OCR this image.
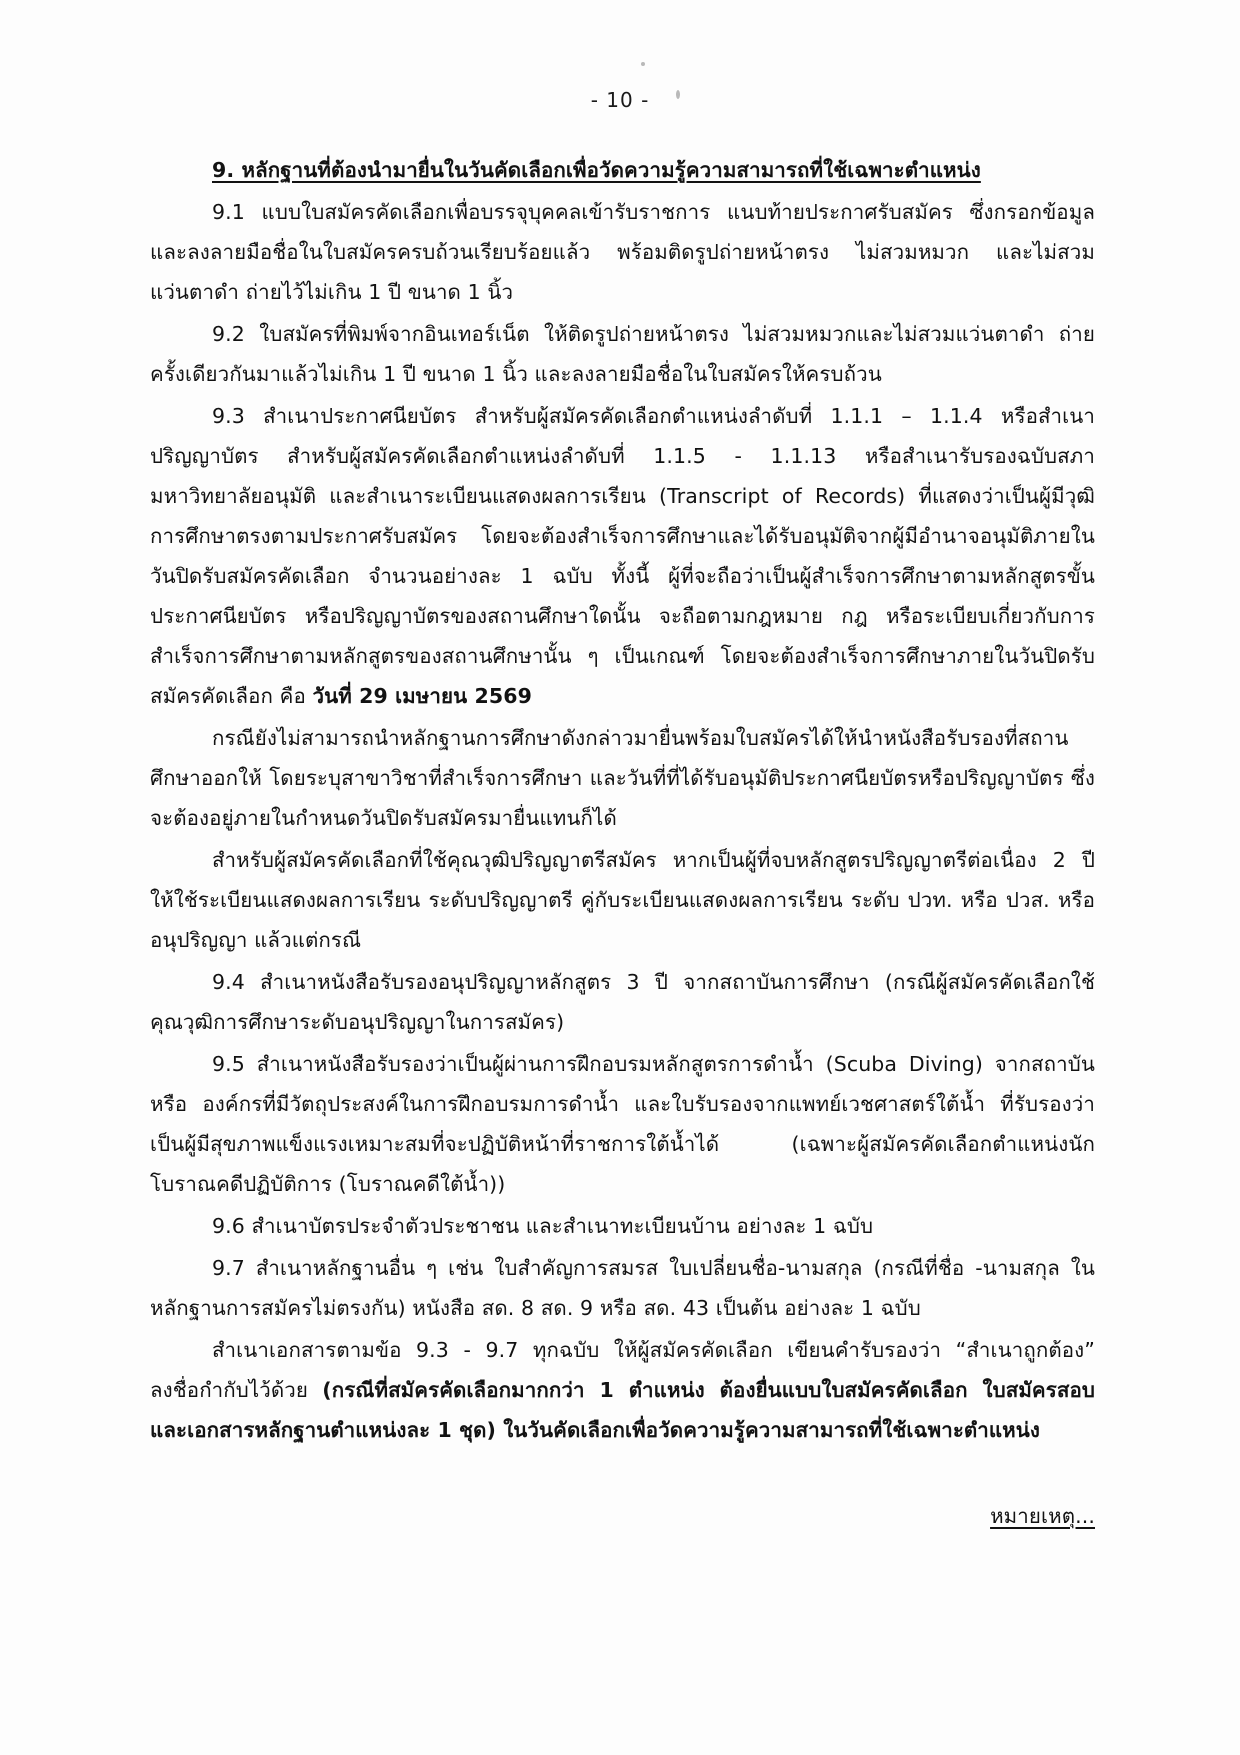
- 10 -

9. หลักฐานที่ต้องนำมายื่นในวันคัดเลือกเพื่อวัดความรู้ความสามารถที่ใช้เฉพาะตำแหน่ง

9.1 แบบใบสมัครคัดเลือกเพื่อบรรจุบุคคลเข้ารับราชการ แนบท้ายประกาศรับสมัคร ซึ่งกรอกข้อมูลและลงลายมือชื่อในใบสมัครครบถ้วนเรียบร้อยแล้ว พร้อมติดรูปถ่ายหน้าตรง ไม่สวมหมวก และไม่สวมแว่นตาดำ ถ่ายไว้ไม่เกิน 1 ปี ขนาด 1 นิ้ว

9.2 ใบสมัครที่พิมพ์จากอินเทอร์เน็ต ให้ติดรูปถ่ายหน้าตรง ไม่สวมหมวกและไม่สวมแว่นตาดำ ถ่ายครั้งเดียวกันมาแล้วไม่เกิน 1 ปี ขนาด 1 นิ้ว และลงลายมือชื่อในใบสมัครให้ครบถ้วน

9.3 สำเนาประกาศนียบัตร สำหรับผู้สมัครคัดเลือกตำแหน่งลำดับที่ 1.1.1 – 1.1.4 หรือสำเนาปริญญาบัตร สำหรับผู้สมัครคัดเลือกตำแหน่งลำดับที่ 1.1.5 - 1.1.13 หรือสำเนารับรองฉบับสภามหาวิทยาลัยอนุมัติ และสำเนาระเบียนแสดงผลการเรียน (Transcript of Records) ที่แสดงว่าเป็นผู้มีวุฒิการศึกษาตรงตามประกาศรับสมัคร โดยจะต้องสำเร็จการศึกษาและได้รับอนุมัติจากผู้มีอำนาจอนุมัติภายในวันปิดรับสมัครคัดเลือก จำนวนอย่างละ 1 ฉบับ ทั้งนี้ ผู้ที่จะถือว่าเป็นผู้สำเร็จการศึกษาตามหลักสูตรขั้นประกาศนียบัตร หรือปริญญาบัตรของสถานศึกษาใดนั้น จะถือตามกฎหมาย กฎ หรือระเบียบเกี่ยวกับการสำเร็จการศึกษาตามหลักสูตรของสถานศึกษานั้น ๆ เป็นเกณฑ์ โดยจะต้องสำเร็จการศึกษาภายในวันปิดรับสมัครคัดเลือก คือ วันที่ 29 เมษายน 2569

กรณียังไม่สามารถนำหลักฐานการศึกษาดังกล่าวมายื่นพร้อมใบสมัครได้ให้นำหนังสือรับรองที่สถานศึกษาออกให้ โดยระบุสาขาวิชาที่สำเร็จการศึกษา และวันที่ที่ได้รับอนุมัติประกาศนียบัตรหรือปริญญาบัตร ซึ่งจะต้องอยู่ภายในกำหนดวันปิดรับสมัครมายื่นแทนก็ได้

สำหรับผู้สมัครคัดเลือกที่ใช้คุณวุฒิปริญญาตรีสมัคร หากเป็นผู้ที่จบหลักสูตรปริญญาตรีต่อเนื่อง 2 ปี ให้ใช้ระเบียนแสดงผลการเรียน ระดับปริญญาตรี คู่กับระเบียนแสดงผลการเรียน ระดับ ปวท. หรือ ปวส. หรืออนุปริญญา แล้วแต่กรณี

9.4 สำเนาหนังสือรับรองอนุปริญญาหลักสูตร 3 ปี จากสถาบันการศึกษา (กรณีผู้สมัครคัดเลือกใช้คุณวุฒิการศึกษาระดับอนุปริญญาในการสมัคร)

9.5 สำเนาหนังสือรับรองว่าเป็นผู้ผ่านการฝึกอบรมหลักสูตรการดำน้ำ (Scuba Diving) จากสถาบัน หรือ องค์กรที่มีวัตถุประสงค์ในการฝึกอบรมการดำน้ำ และใบรับรองจากแพทย์เวชศาสตร์ใต้น้ำ ที่รับรองว่าเป็นผู้มีสุขภาพแข็งแรงเหมาะสมที่จะปฏิบัติหน้าที่ราชการใต้น้ำได้ (เฉพาะผู้สมัครคัดเลือกตำแหน่งนักโบราณคดีปฏิบัติการ (โบราณคดีใต้น้ำ))

9.6 สำเนาบัตรประจำตัวประชาชน และสำเนาทะเบียนบ้าน อย่างละ 1 ฉบับ

9.7 สำเนาหลักฐานอื่น ๆ เช่น ใบสำคัญการสมรส ใบเปลี่ยนชื่อ-นามสกุล (กรณีที่ชื่อ -นามสกุล ในหลักฐานการสมัครไม่ตรงกัน) หนังสือ สด. 8 สด. 9 หรือ สด. 43 เป็นต้น อย่างละ 1 ฉบับ

สำเนาเอกสารตามข้อ 9.3 - 9.7 ทุกฉบับ ให้ผู้สมัครคัดเลือก เขียนคำรับรองว่า “สำเนาถูกต้อง” ลงชื่อกำกับไว้ด้วย (กรณีที่สมัครคัดเลือกมากกว่า 1 ตำแหน่ง ต้องยื่นแบบใบสมัครคัดเลือก ใบสมัครสอบ และเอกสารหลักฐานตำแหน่งละ 1 ชุด) ในวันคัดเลือกเพื่อวัดความรู้ความสามารถที่ใช้เฉพาะตำแหน่ง

หมายเหตุ...
